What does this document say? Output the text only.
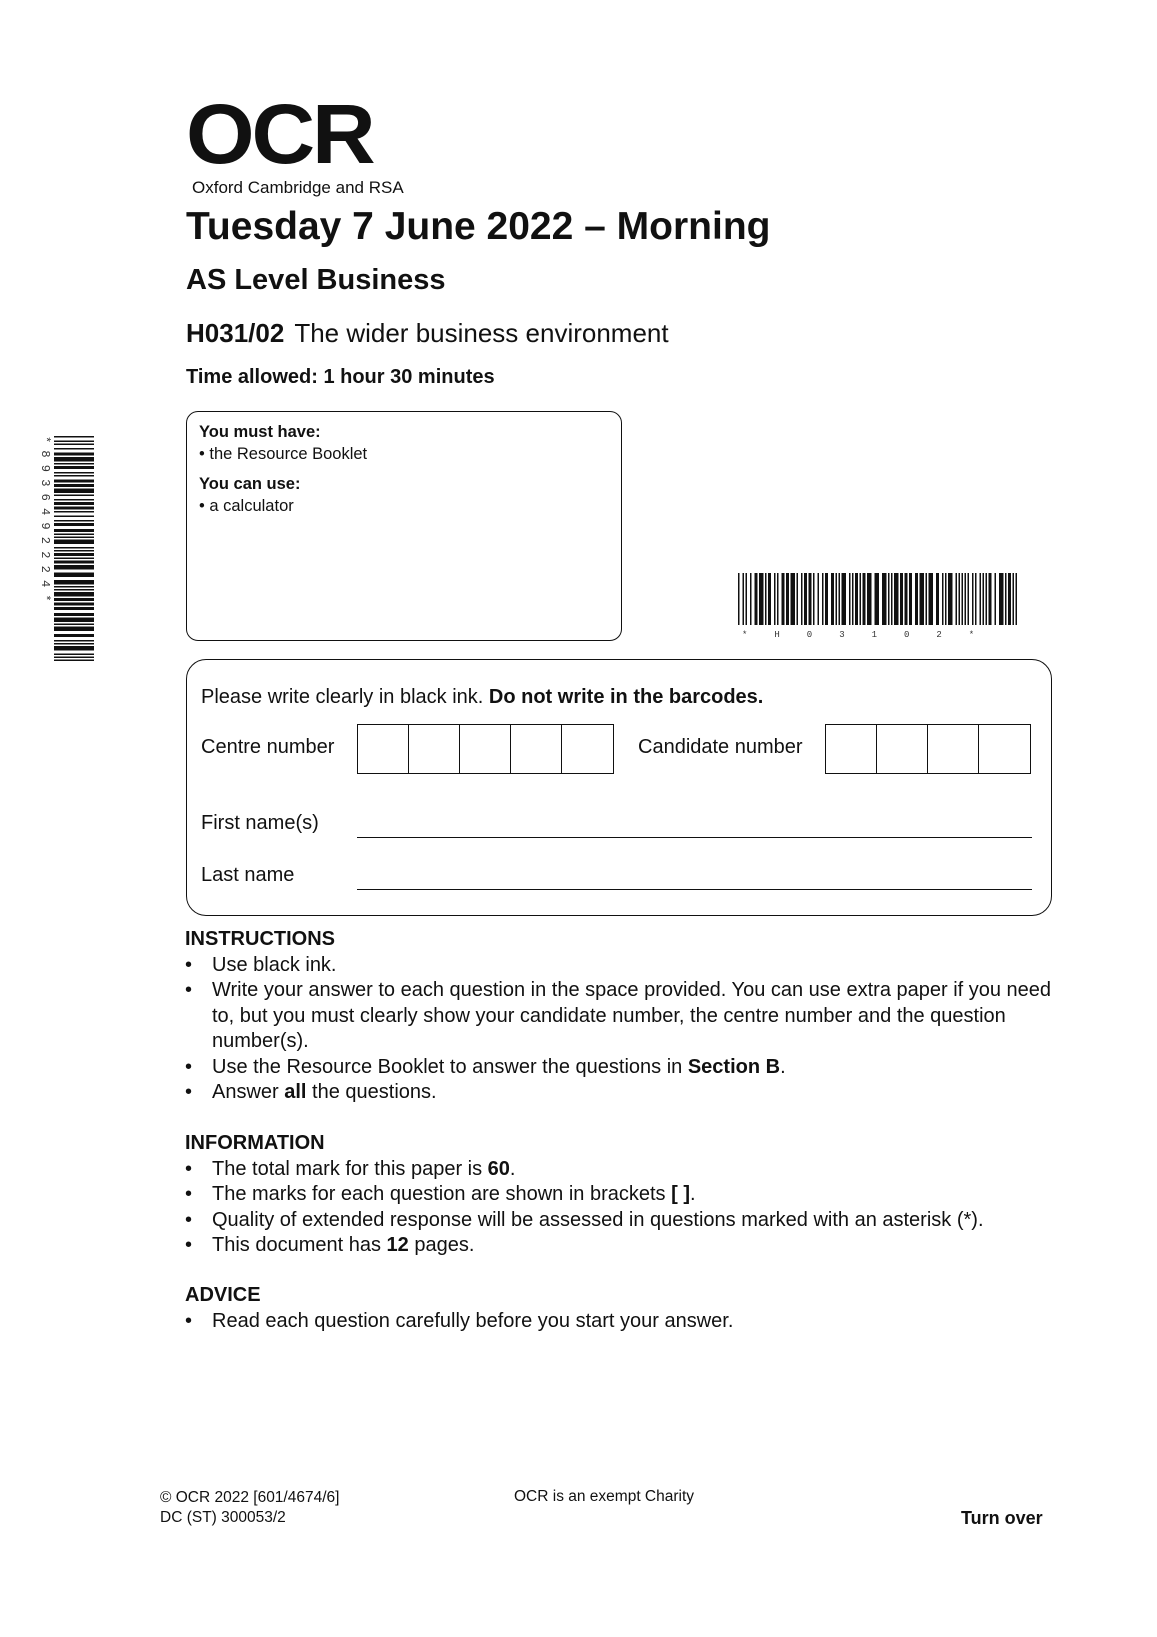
OCR
Oxford Cambridge and RSA
Tuesday 7 June 2022 – Morning
AS Level Business
H031/02 The wider business environment
Time allowed: 1 hour 30 minutes
You must have:
• the Resource Booklet
You can use:
• a calculator
*8936492224*
*H03102*
Please write clearly in black ink. Do not write in the barcodes.
Centre number	Candidate number
First name(s)
Last name
INSTRUCTIONS
• Use black ink.
• Write your answer to each question in the space provided. You can use extra paper if you need to, but you must clearly show your candidate number, the centre number and the question number(s).
• Use the Resource Booklet to answer the questions in Section B.
• Answer all the questions.
INFORMATION
• The total mark for this paper is 60.
• The marks for each question are shown in brackets [ ].
• Quality of extended response will be assessed in questions marked with an asterisk (*).
• This document has 12 pages.
ADVICE
• Read each question carefully before you start your answer.
© OCR 2022 [601/4674/6]
DC (ST) 300053/2
OCR is an exempt Charity
Turn over
